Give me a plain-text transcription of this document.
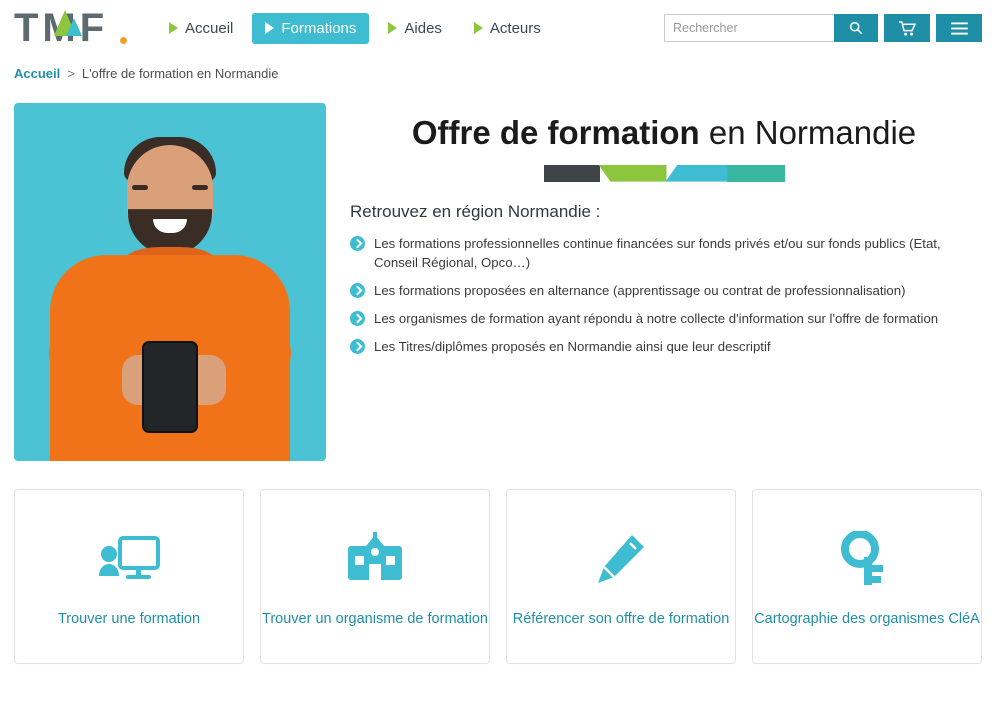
TMF	Accueil	Formations	Aides	Acteurs
Rechercher
Accueil > L'offre de formation en Normandie
Offre de formation en Normandie

Retrouvez en région Normandie :

Les formations professionnelles continue financées sur fonds privés et/ou sur fonds publics (Etat, Conseil Régional, Opco…)
Les formations proposées en alternance (apprentissage ou contrat de professionnalisation)
Les organismes de formation ayant répondu à notre collecte d'information sur l'offre de formation
Les Titres/diplômes proposés en Normandie ainsi que leur descriptif
Trouver une formation	Trouver un organisme de formation Référencer son offre de formation Cartographie des organismes CléA
